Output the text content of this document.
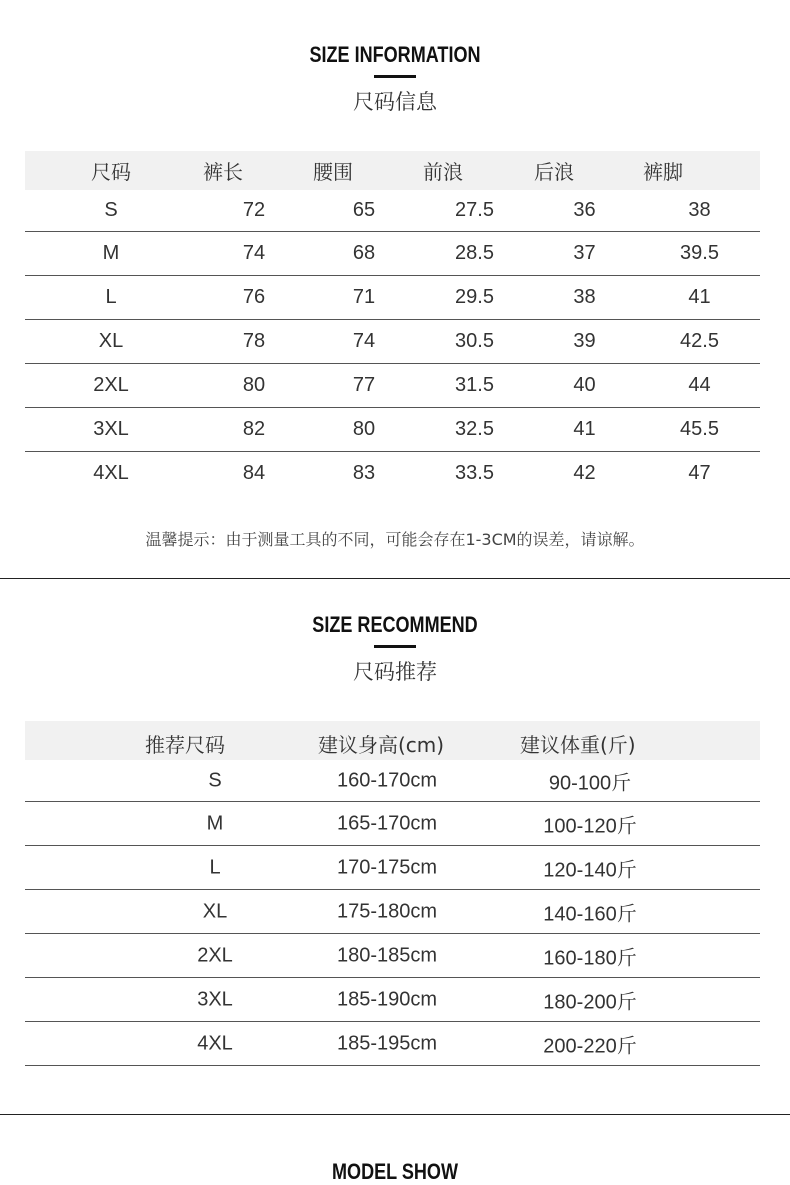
SIZE INFORMATION
尺码信息
尺码	裤长	腰围	前浪	后浪	裤脚
S	72	65	27.5	36	38
M	74	68	28.5	37	39.5
L	76	71	29.5	38	41
XL	78	74	30.5	39	42.5
2XL	80	77	31.5	40	44
3XL	82	80	32.5	41	45.5
4XL	84	83	33.5	42	47
温馨提示：由于测量工具的不同，可能会存在1-3CM的误差，请谅解。
SIZE RECOMMEND
尺码推荐
推荐尺码	建议身高(cm)	建议体重(斤)

S	160-170cm	90-100斤

M	165-170cm	100-120斤

L	170-175cm	120-140斤

XL	175-180cm	140-160斤

2XL	180-185cm	160-180斤

3XL	185-190cm	180-200斤

4XL	185-195cm	200-220斤
MODEL SHOW
